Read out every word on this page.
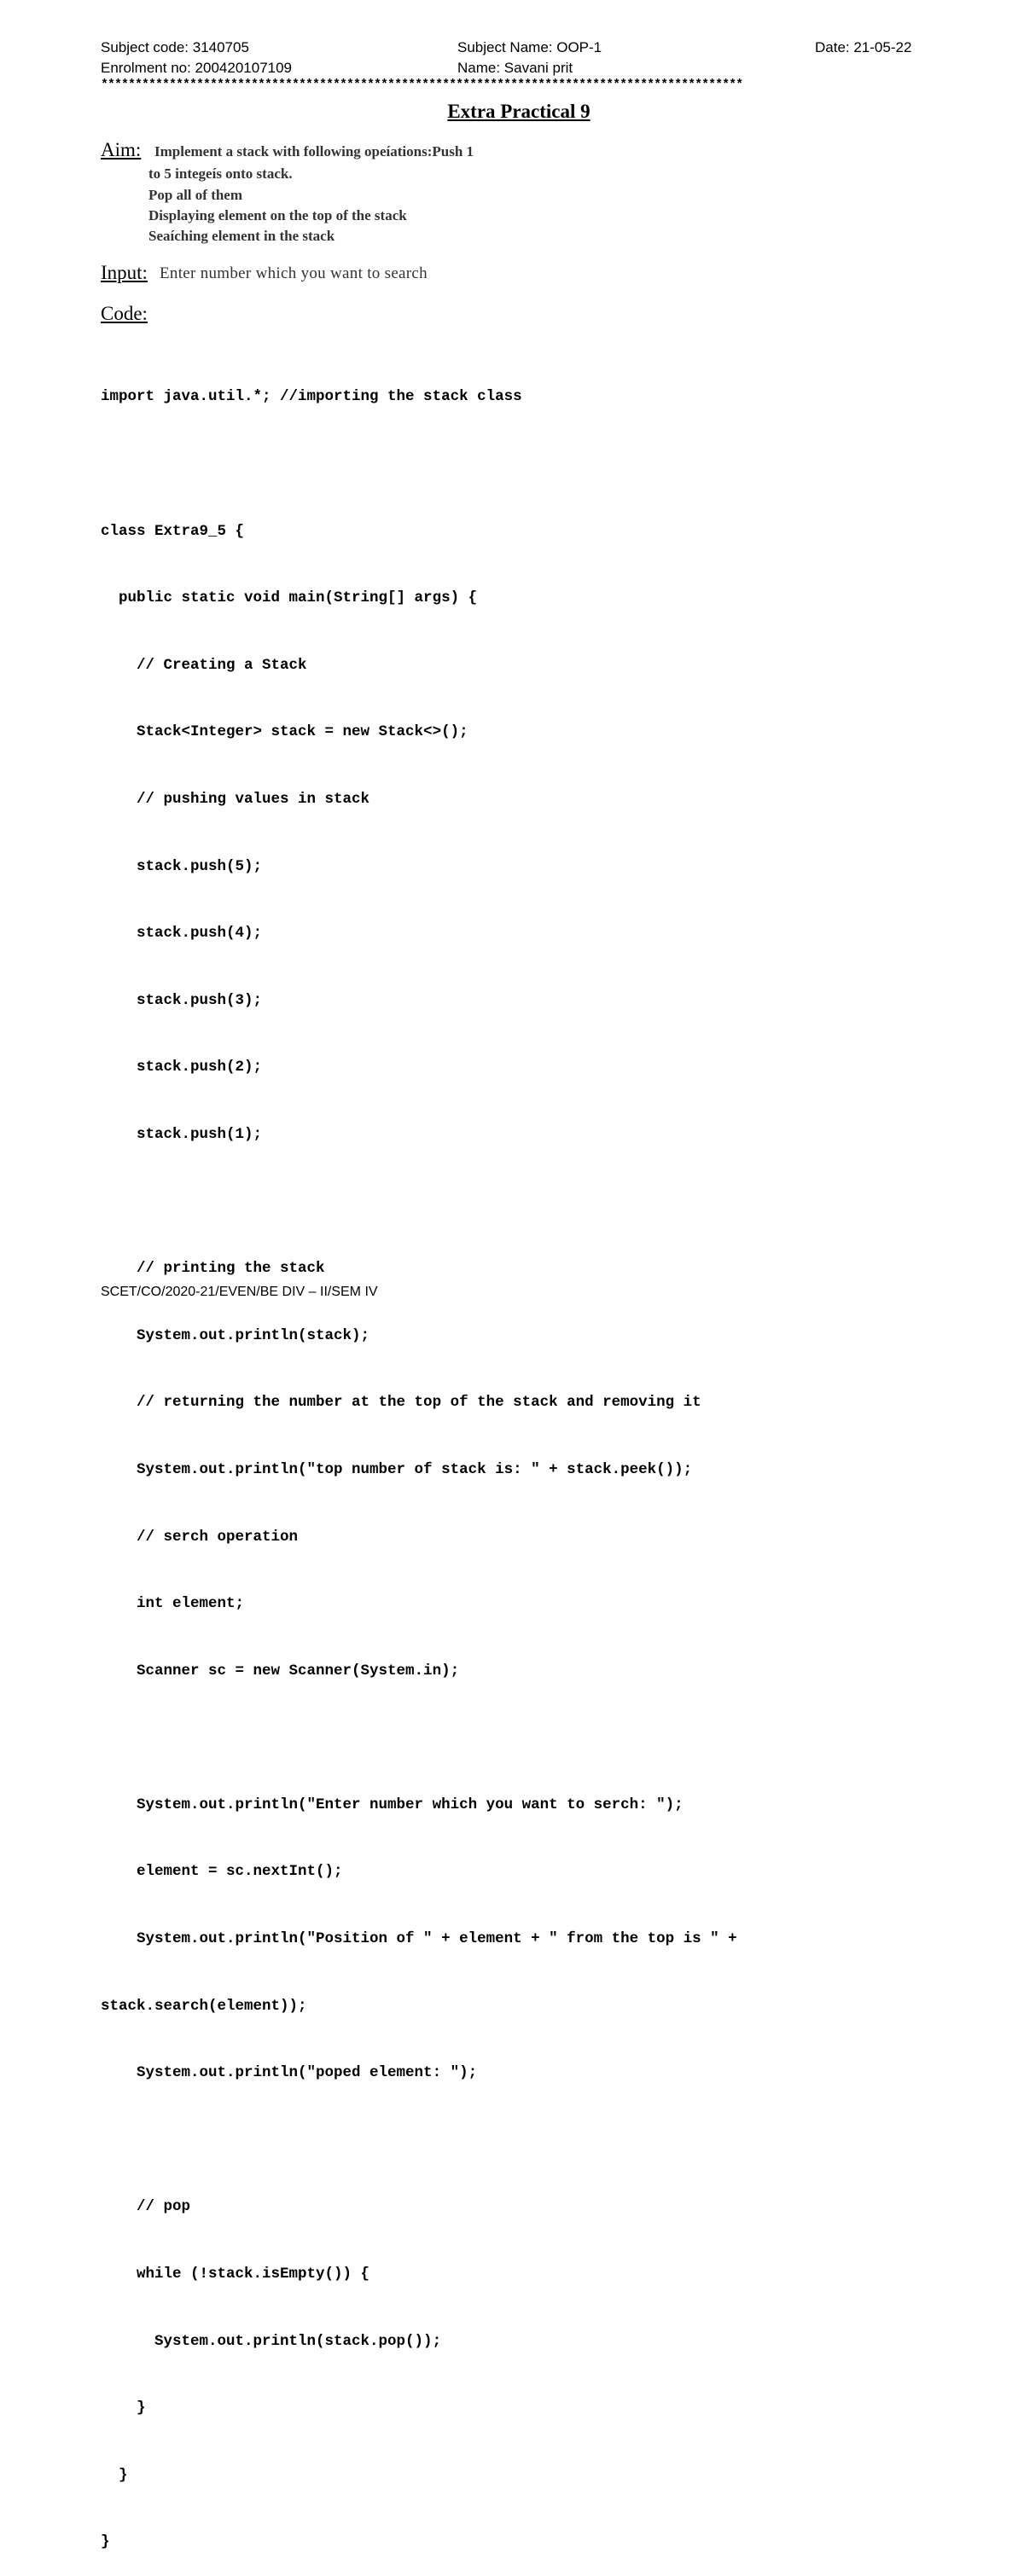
Subject code: 3140705	Subject Name: OOP-1	Date: 21-05-22
Enrolment no: 200420107109	Name: Savani prit
**********************************************************************************************
Extra Practical 9
Aim: Implement a stack with following opeíations:Push 1
to 5 integeís onto stack.
Pop all of them
Displaying element on the top of the stack
Seaíching element in the stack
Input: Enter number which you want to search
Code:

import java.util.*; //importing the stack class

class Extra9_5 {

public static void main(String[] args) {

// Creating a Stack

Stack<Integer> stack = new Stack<>();

// pushing values in stack

stack.push(5);

stack.push(4);

stack.push(3);

stack.push(2);

stack.push(1);

// printing the stack

System.out.println(stack);

// returning the number at the top of the stack and removing it

System.out.println("top number of stack is: " + stack.peek());

// serch operation

int element;

Scanner sc = new Scanner(System.in);

System.out.println("Enter number which you want to serch: ");

element = sc.nextInt();

System.out.println("Position of " + element + " from the top is " +

stack.search(element));

System.out.println("poped element: ");

// pop

while (!stack.isEmpty()) {

System.out.println(stack.pop());

}

}

}

SCET/CO/2020-21/EVEN/BE DIV – II/SEM IV
